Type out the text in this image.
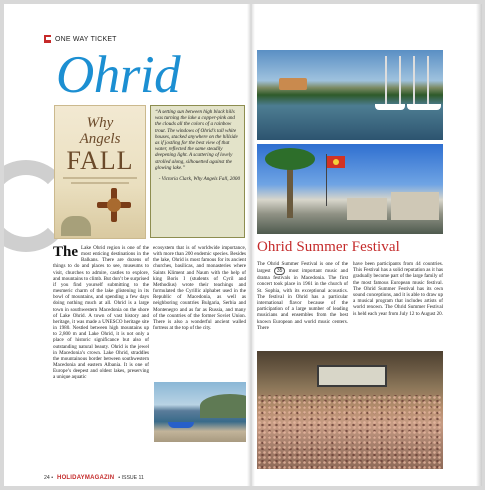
ONE WAY TICKET
Ohrid
Why
Angels
FALL

“A setting sun between high black hills was turning the lake a copper-pink and the clouds all the colors of a rainbow trout. The windows of Ohrid’s tall white houses, stacked anywhere on the hillside as if jostling for the best view of that water, reflected the same steadily deepening light. A scattering of lovely strolled along, silhouetted against the glowing lake.”

- Victoria Clark, Why Angels Fall, 2000

The Lake Ohrid region is one of the most enticing destinations in the Balkans. There are dozens of things to do and places to see, museums to visit, churches to admire, castles to explore, and mountains to climb. But don’t be surprised if you find yourself submitting to the mesmeric charm of the lake glistening in its bowl of mountains, and spending a few days doing nothing much at all. Ohrid is a large town in southwestern Macedonia on the shore of Lake Ohrid. A town of vast history and heritage, it was made a UNESCO heritage site in 1980. Nestled between high mountains up to 2,800 m and Lake Ohrid, it is not only a place of historic significance but also of outstanding natural beauty. Ohrid is the jewel in Macedonia’s crown. Lake Ohrid, straddles the mountainous border between southwestern Macedonia and eastern Albania. It is one of Europe’s deepest and oldest lakes, preserving a unique aquatic
ecosystem that is of worldwide importance, with more than 200 endemic species. Besides the lake, Ohrid is most famous for its ancient churches, basilicas, and monasteries where Saints Kliment and Naum with the help of king Boris I (students of Cyril and Methodius) wrote their teachings and formulated the Cyrillic alphabet used in the Republic of Macedonia, as well as neighboring countries Bulgaria, Serbia and Montenegro and as far as Russia, and many of the countries of the former Soviet Union. There is also a wonderful ancient walled fortress at the top of the city.
Ohrid Summer Festival
The Ohrid Summer Festival is one of the largest 35 most important music and drama festivals in Macedonia. The first concert took place in 1961 in the church of St. Sophia, with its exceptional acoustics. The festival in Ohrid has a particular international flavor because of the participation of a large number of leading musicians and ensembles from the best known European and world music centers. There
have been participants from 44 countries. This Festival has a solid reputation as it has gradually become part of the large family of the most famous European music festival. The Ohrid Summer Festival has its own sound conceptions, and it is able to draw up a musical program that includes artists of world renown. The Ohrid Summer Festival is held each year from July 12 to August 20.
24 • HOLIDAYMAGAZIN • ISSUE 11
